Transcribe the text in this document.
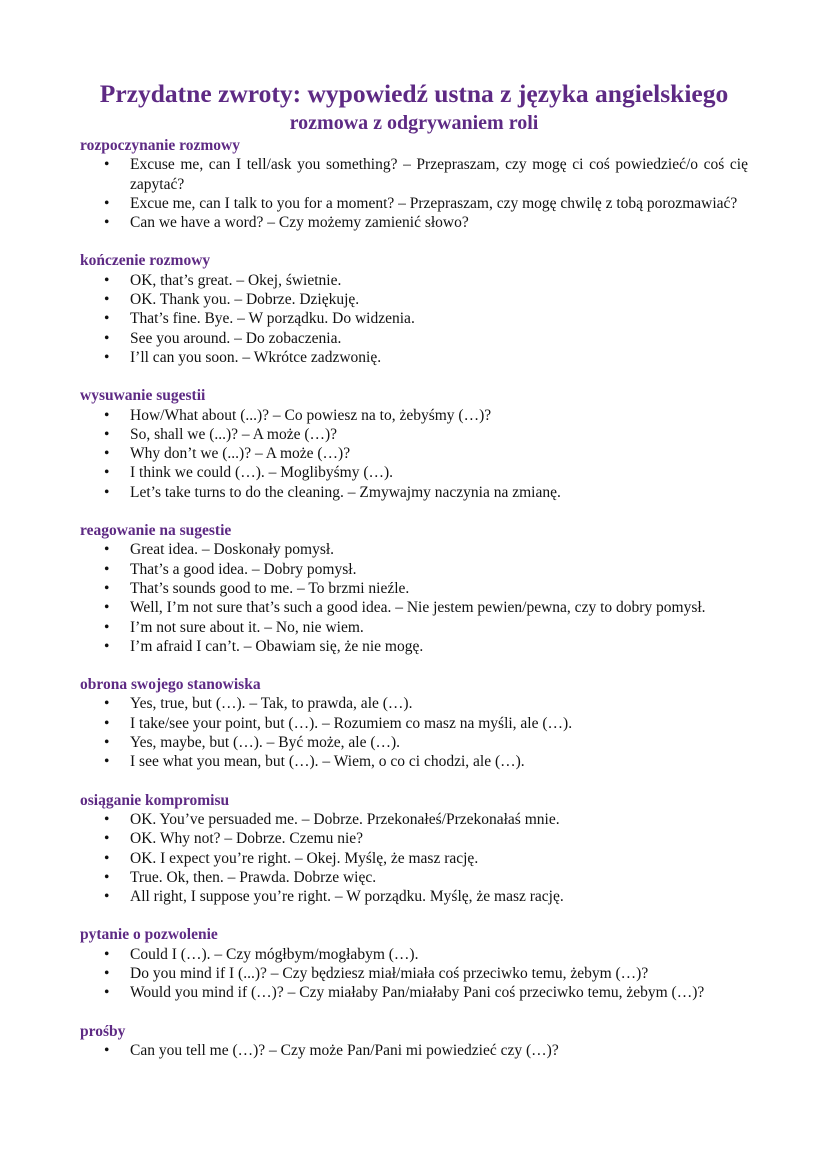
Przydatne zwroty: wypowiedź ustna z języka angielskiego
rozmowa z odgrywaniem roli
rozpoczynanie rozmowy
• Excuse me, can I tell/ask you something? – Przepraszam, czy mogę ci coś powiedzieć/o coś cię zapytać?
• Excue me, can I talk to you for a moment? – Przepraszam, czy mogę chwilę z tobą porozmawiać?
• Can we have a word? – Czy możemy zamienić słowo?
kończenie rozmowy
• OK, that’s great. – Okej, świetnie.
• OK. Thank you. – Dobrze. Dziękuję.
• That’s fine. Bye. – W porządku. Do widzenia.
• See you around. – Do zobaczenia.
• I’ll can you soon. – Wkrótce zadzwonię.
wysuwanie sugestii
• How/What about (...)? – Co powiesz na to, żebyśmy (…)?
• So, shall we (...)? – A może (…)?
• Why don’t we (...)? – A może (…)?
• I think we could (…). – Moglibyśmy (…).
• Let’s take turns to do the cleaning. – Zmywajmy naczynia na zmianę.
reagowanie na sugestie
• Great idea. – Doskonały pomysł.
• That’s a good idea. – Dobry pomysł.
• That’s sounds good to me. – To brzmi nieźle.
• Well, I’m not sure that’s such a good idea. – Nie jestem pewien/pewna, czy to dobry pomysł.
• I’m not sure about it. – No, nie wiem.
• I’m afraid I can’t. – Obawiam się, że nie mogę.
obrona swojego stanowiska
• Yes, true, but (…). – Tak, to prawda, ale (…).
• I take/see your point, but (…). – Rozumiem co masz na myśli, ale (…).
• Yes, maybe, but (…). – Być może, ale (…).
• I see what you mean, but (…). – Wiem, o co ci chodzi, ale (…).
osiąganie kompromisu
• OK. You’ve persuaded me. – Dobrze. Przekonałeś/Przekonałaś mnie.
• OK. Why not? – Dobrze. Czemu nie?
• OK. I expect you’re right. – Okej. Myślę, że masz rację.
• True. Ok, then. – Prawda. Dobrze więc.
• All right, I suppose you’re right. – W porządku. Myślę, że masz rację.
pytanie o pozwolenie
• Could I (…). – Czy mógłbym/mogłabym (…).
• Do you mind if I (...)? – Czy będziesz miał/miała coś przeciwko temu, żebym (…)?
• Would you mind if (…)? – Czy miałaby Pan/miałaby Pani coś przeciwko temu, żebym (…)?
prośby
• Can you tell me (…)? – Czy może Pan/Pani mi powiedzieć czy (…)?
